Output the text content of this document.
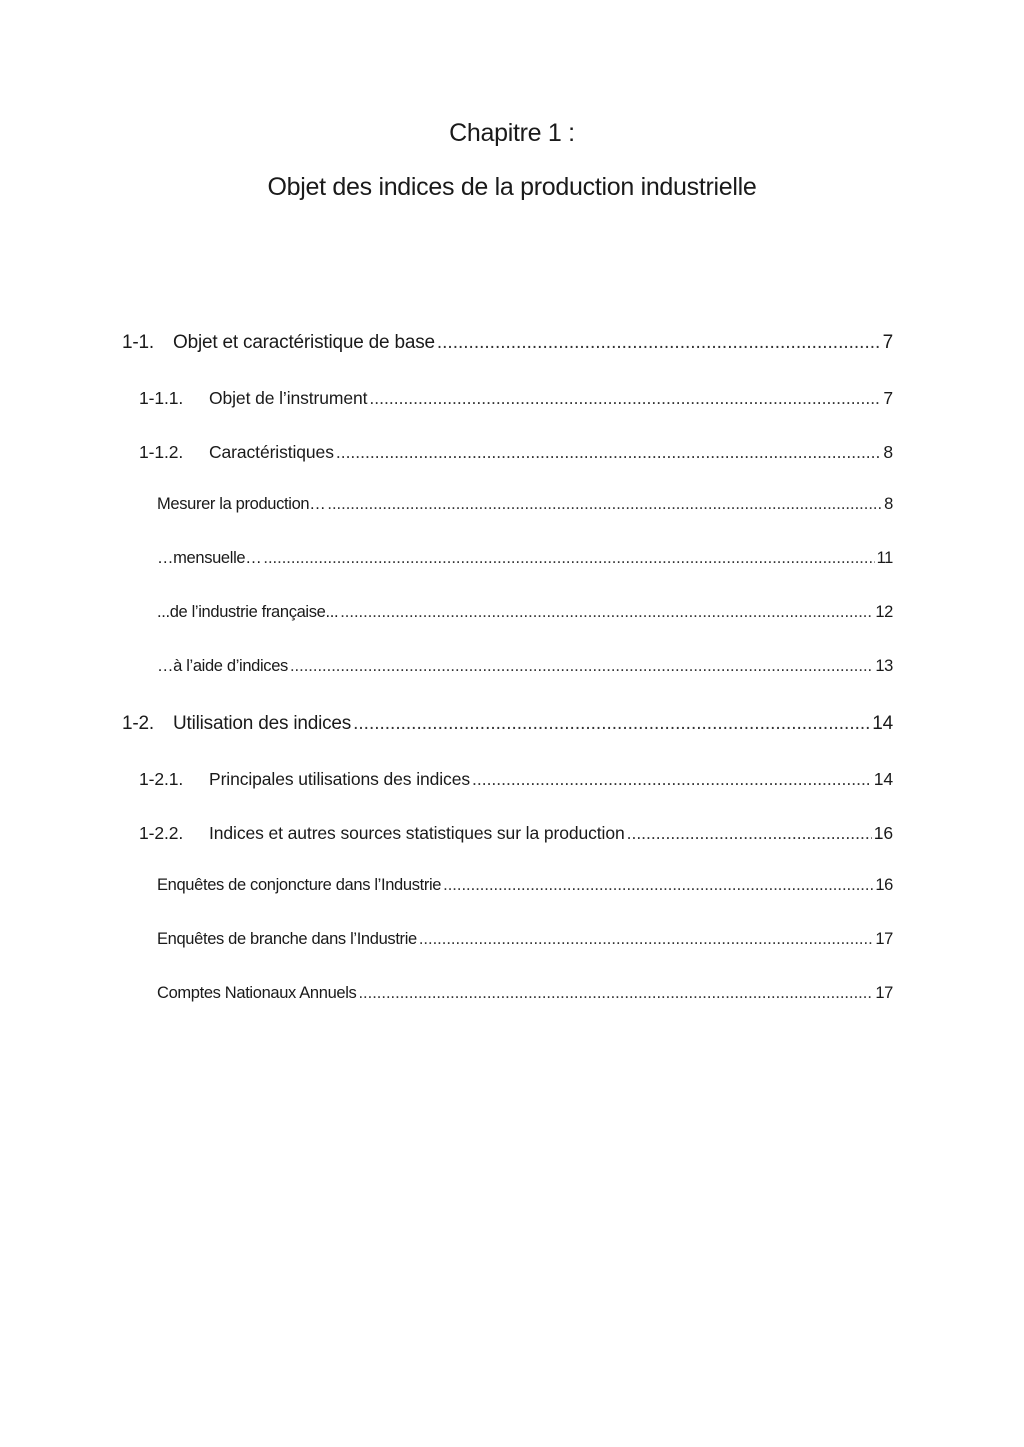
Chapitre 1 :
Objet des indices de la production industrielle
1-1.	Objet et caractéristique de base .....	7
1-1.1.	Objet de l’instrument .....	7
1-1.2.	Caractéristiques .....	8
Mesurer la production… .....	8
…mensuelle… .....	11
...de l’industrie française... .....	12
…à l’aide d’indices .....	13
1-2.	Utilisation des indices .....	14
1-2.1.	Principales utilisations des indices .....	14
1-2.2.	Indices et autres sources statistiques sur la production .....	16
Enquêtes de conjoncture dans l’Industrie .....	16
Enquêtes de branche dans l’Industrie .....	17
Comptes Nationaux Annuels .....	17
